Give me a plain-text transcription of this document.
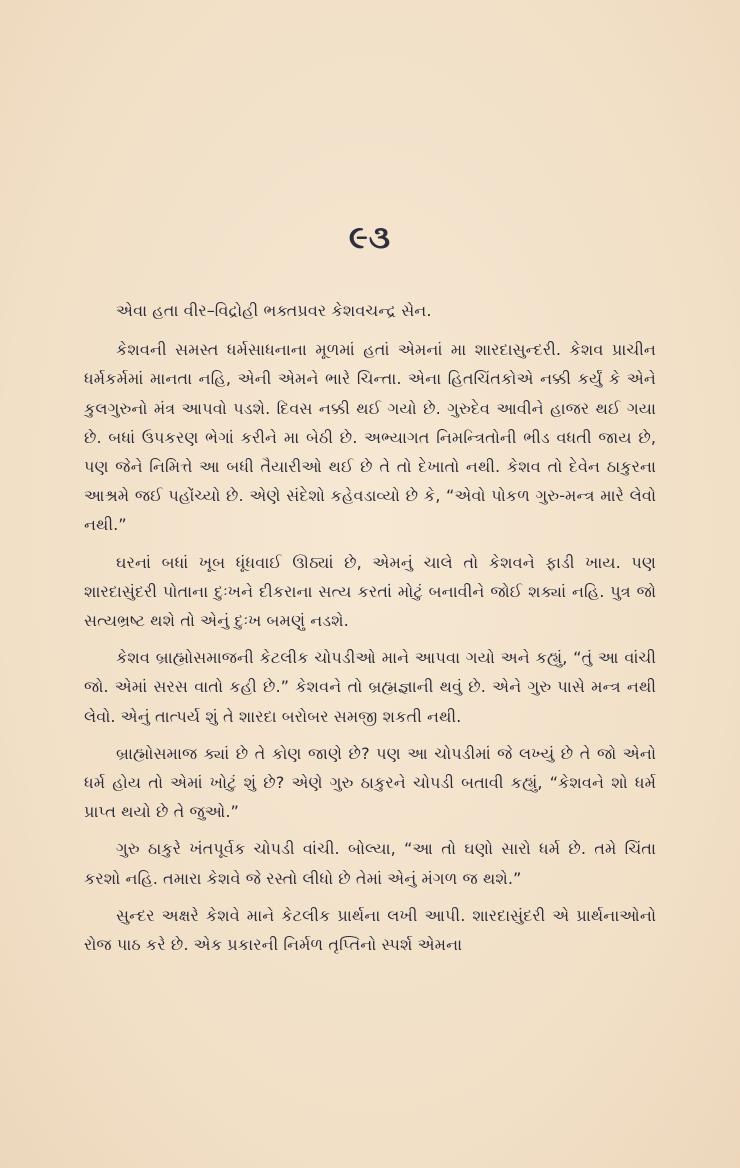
૯૩

એવા હતા વીર–વિદ્રોહી ભક્તપ્રવર કેશવચન્દ્ર સેન.

કેશવની સમસ્ત ધર્મસાધનાના મૂળમાં હતાં એમનાં મા શારદાસુન્દરી. કેશવ પ્રાચીન ધર્મકર્મમાં માનતા નહિ, એની એમને ભારે ચિન્તા. એના હિતચિંતકોએ નક્કી કર્યું કે એને કુલગુરુનો મંત્ર આપવો પડશે. દિવસ નક્કી થઈ ગયો છે. ગુરુદેવ આવીને હાજર થઈ ગયા છે. બધાં ઉપકરણ ભેગાં કરીને મા બેઠી છે. અભ્યાગત નિમન્ત્રિતોની ભીડ વધતી જાય છે, પણ જેને નિમિત્તે આ બધી તૈયારીઓ થઈ છે તે તો દેખાતો નથી. કેશવ તો દેવેન ઠાકુરના આશ્રમે જઈ પહોંચ્યો છે. એણે સંદેશો કહેવડાવ્યો છે કે, “એવો પોકળ ગુરુ-મન્ત્ર મારે લેવો નથી.”

ઘરનાં બધાં ખૂબ ધૂંધવાઈ ઊઠ્યાં છે, એમનું ચાલે તો કેશવને ફાડી ખાય. પણ શારદાસુંદરી પોતાના દુઃખને દીકરાના સત્ય કરતાં મોટું બનાવીને જોઈ શક્યાં નહિ. પુત્ર જો સત્યભ્રષ્ટ થશે તો એનું દુઃખ બમણું નડશે.

કેશવ બ્રાહ્મોસમાજની કેટલીક ચોપડીઓ માને આપવા ગયો અને કહ્યું, “તું આ વાંચી જો. એમાં સરસ વાતો કહી છે.” કેશવને તો બ્રહ્મજ્ઞાની થવું છે. એને ગુરુ પાસે મન્ત્ર નથી લેવો. એનું તાત્પર્ય શું તે શારદા બરોબર સમજી શકતી નથી.

બ્રાહ્મોસમાજ ક્યાં છે તે કોણ જાણે છે? પણ આ ચોપડીમાં જે લખ્યું છે તે જો એનો ધર્મ હોય તો એમાં ખોટું શું છે? એણે ગુરુ ઠાકુરને ચોપડી બતાવી કહ્યું, “કેશવને શો ધર્મ પ્રાપ્ત થયો છે તે જુઓ.”

ગુરુ ઠાકુરે ખંતપૂર્વક ચોપડી વાંચી. બોલ્યા, “આ તો ઘણો સારો ધર્મ છે. તમે ચિંતા કરશો નહિ. તમારા કેશવે જે રસ્તો લીધો છે તેમાં એનું મંગળ જ થશે.”

સુન્દર અક્ષરે કેશવે માને કેટલીક પ્રાર્થના લખી આપી. શારદાસુંદરી એ પ્રાર્થનાઓનો રોજ પાઠ કરે છે. એક પ્રકારની નિર્મળ તૃપ્તિનો સ્પર્શ એમના
